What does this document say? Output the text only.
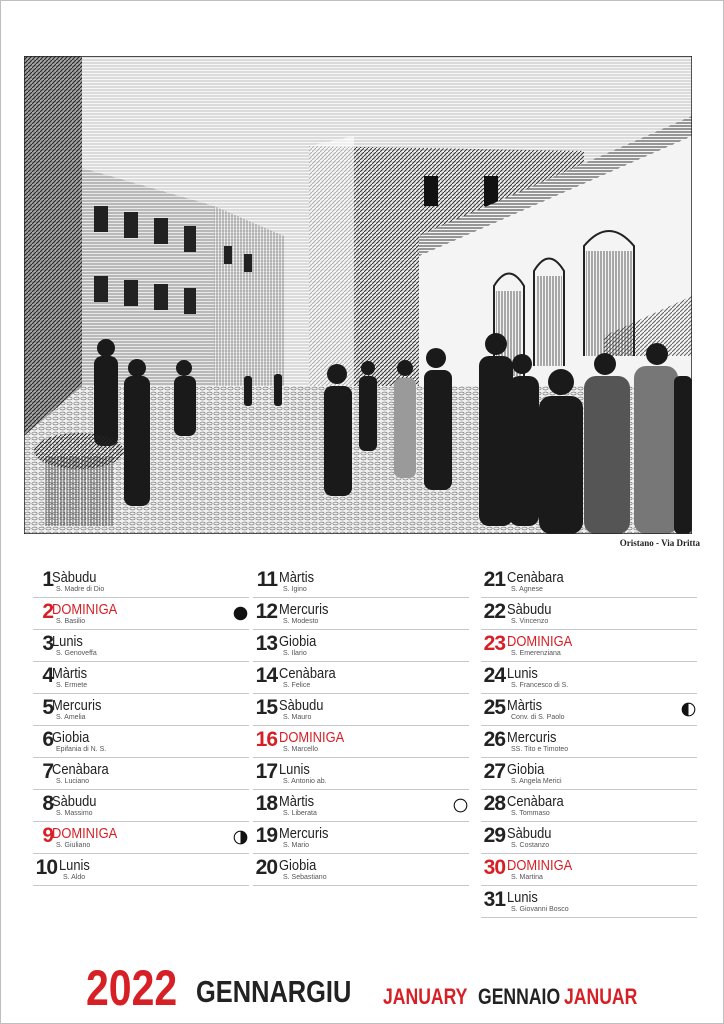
Oristano - Via Dritta
1 Sàbudu
S. Madre di Dio
2 DOMINIGA
S. Basilio
3 Lunis
S. Genoveffa
4 Màrtis
S. Ermete
5 Mercuris
S. Amelia
6 Giobia
Epifania di N. S.
7 Cenàbara
S. Luciano
8 Sàbudu
S. Massimo
9 DOMINIGA
S. Giuliano
10 Lunis
S. Aldo
11 Màrtis
S. Igino
12 Mercuris
S. Modesto
13 Giobia
S. Ilario
14 Cenàbara
S. Felice
15 Sàbudu
S. Mauro
16 DOMINIGA
S. Marcello
17 Lunis
S. Antonio ab.
18 Màrtis
S. Liberata
19 Mercuris
S. Mario
20 Giobia
S. Sebastiano
21 Cenàbara
S. Agnese
22 Sàbudu
S. Vincenzo
23 DOMINIGA
S. Emerenziana
24 Lunis
S. Francesco di S.
25 Màrtis
Conv. di S. Paolo
26 Mercuris
SS. Tito e Timoteo
27 Giobia
S. Angela Merici
28 Cenàbara
S. Tommaso
29 Sàbudu
S. Costanzo
30 DOMINIGA
S. Martina
31 Lunis
S. Giovanni Bosco
2022 GENNARGIU JANUARY GENNAIO JANUAR
